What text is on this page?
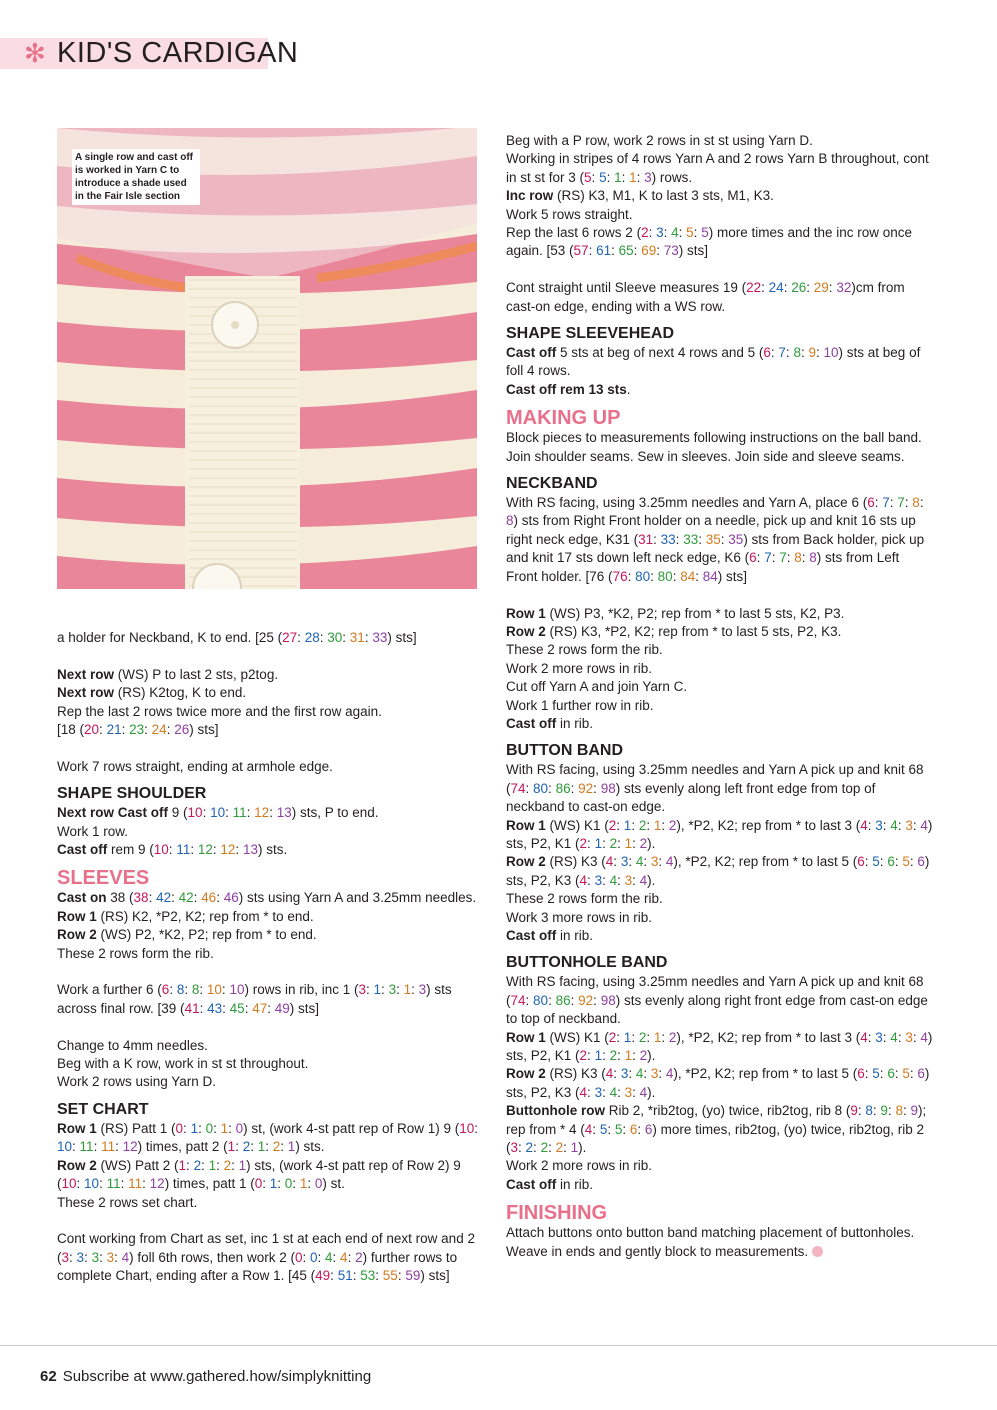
✻ KID'S CARDIGAN
A single row and cast off is worked in Yarn C to introduce a shade used in the Fair Isle section

a holder for Neckband, K to end. [25 (27: 28: 30: 31: 33) sts]

Next row (WS) P to last 2 sts, p2tog.

Next row (RS) K2tog, K to end.

Rep the last 2 rows twice more and the first row again.

[18 (20: 21: 23: 24: 26) sts]

Work 7 rows straight, ending at armhole edge.

SHAPE SHOULDER

Next row Cast off 9 (10: 10: 11: 12: 13) sts, P to end.

Work 1 row.

Cast off rem 9 (10: 11: 12: 12: 13) sts.

SLEEVES

Cast on 38 (38: 42: 42: 46: 46) sts using Yarn A and 3.25mm needles.

Row 1 (RS) K2, *P2, K2; rep from * to end.

Row 2 (WS) P2, *K2, P2; rep from * to end.

These 2 rows form the rib.

Work a further 6 (6: 8: 8: 10: 10) rows in rib, inc 1 (3: 1: 3: 1: 3) sts across final row. [39 (41: 43: 45: 47: 49) sts]

Change to 4mm needles.

Beg with a K row, work in st st throughout.

Work 2 rows using Yarn D.

SET CHART

Row 1 (RS) Patt 1 (0: 1: 0: 1: 0) st, (work 4-st patt rep of Row 1) 9 (10: 10: 11: 11: 12) times, patt 2 (1: 2: 1: 2: 1) sts.

Row 2 (WS) Patt 2 (1: 2: 1: 2: 1) sts, (work 4-st patt rep of Row 2) 9 (10: 10: 11: 11: 12) times, patt 1 (0: 1: 0: 1: 0) st.

These 2 rows set chart.

Cont working from Chart as set, inc 1 st at each end of next row and 2 (3: 3: 3: 3: 4) foll 6th rows, then work 2 (0: 0: 4: 4: 2) further rows to complete Chart, ending after a Row 1. [45 (49: 51: 53: 55: 59) sts]

Beg with a P row, work 2 rows in st st using Yarn D.

Working in stripes of 4 rows Yarn A and 2 rows Yarn B throughout, cont in st st for 3 (5: 5: 1: 1: 3) rows.

Inc row (RS) K3, M1, K to last 3 sts, M1, K3.

Work 5 rows straight.

Rep the last 6 rows 2 (2: 3: 4: 5: 5) more times and the inc row once again. [53 (57: 61: 65: 69: 73) sts]

Cont straight until Sleeve measures 19 (22: 24: 26: 29: 32)cm from cast-on edge, ending with a WS row.

SHAPE SLEEVEHEAD

Cast off 5 sts at beg of next 4 rows and 5 (6: 7: 8: 9: 10) sts at beg of foll 4 rows.

Cast off rem 13 sts.

MAKING UP

Block pieces to measurements following instructions on the ball band. Join shoulder seams. Sew in sleeves. Join side and sleeve seams.

NECKBAND

With RS facing, using 3.25mm needles and Yarn A, place 6 (6: 7: 7: 8: 8) sts from Right Front holder on a needle, pick up and knit 16 sts up right neck edge, K31 (31: 33: 33: 35: 35) sts from Back holder, pick up and knit 17 sts down left neck edge, K6 (6: 7: 7: 8: 8) sts from Left Front holder. [76 (76: 80: 80: 84: 84) sts]

Row 1 (WS) P3, *K2, P2; rep from * to last 5 sts, K2, P3.

Row 2 (RS) K3, *P2, K2; rep from * to last 5 sts, P2, K3.

These 2 rows form the rib.

Work 2 more rows in rib.

Cut off Yarn A and join Yarn C.

Work 1 further row in rib.

Cast off in rib.

BUTTON BAND

With RS facing, using 3.25mm needles and Yarn A pick up and knit 68 (74: 80: 86: 92: 98) sts evenly along left front edge from top of neckband to cast-on edge.

Row 1 (WS) K1 (2: 1: 2: 1: 2), *P2, K2; rep from * to last 3 (4: 3: 4: 3: 4) sts, P2, K1 (2: 1: 2: 1: 2).

Row 2 (RS) K3 (4: 3: 4: 3: 4), *P2, K2; rep from * to last 5 (6: 5: 6: 5: 6) sts, P2, K3 (4: 3: 4: 3: 4).

These 2 rows form the rib.

Work 3 more rows in rib.

Cast off in rib.

BUTTONHOLE BAND

With RS facing, using 3.25mm needles and Yarn A pick up and knit 68 (74: 80: 86: 92: 98) sts evenly along right front edge from cast-on edge to top of neckband.

Row 1 (WS) K1 (2: 1: 2: 1: 2), *P2, K2; rep from * to last 3 (4: 3: 4: 3: 4) sts, P2, K1 (2: 1: 2: 1: 2).

Row 2 (RS) K3 (4: 3: 4: 3: 4), *P2, K2; rep from * to last 5 (6: 5: 6: 5: 6) sts, P2, K3 (4: 3: 4: 3: 4).

Buttonhole row Rib 2, *rib2tog, (yo) twice, rib2tog, rib 8 (9: 8: 9: 8: 9); rep from * 4 (4: 5: 5: 6: 6) more times, rib2tog, (yo) twice, rib2tog, rib 2 (3: 2: 2: 2: 1).

Work 2 more rows in rib.

Cast off in rib.

FINISHING

Attach buttons onto button band matching placement of buttonholes. Weave in ends and gently block to measurements.

62 Subscribe at www.gathered.how/simplyknitting
